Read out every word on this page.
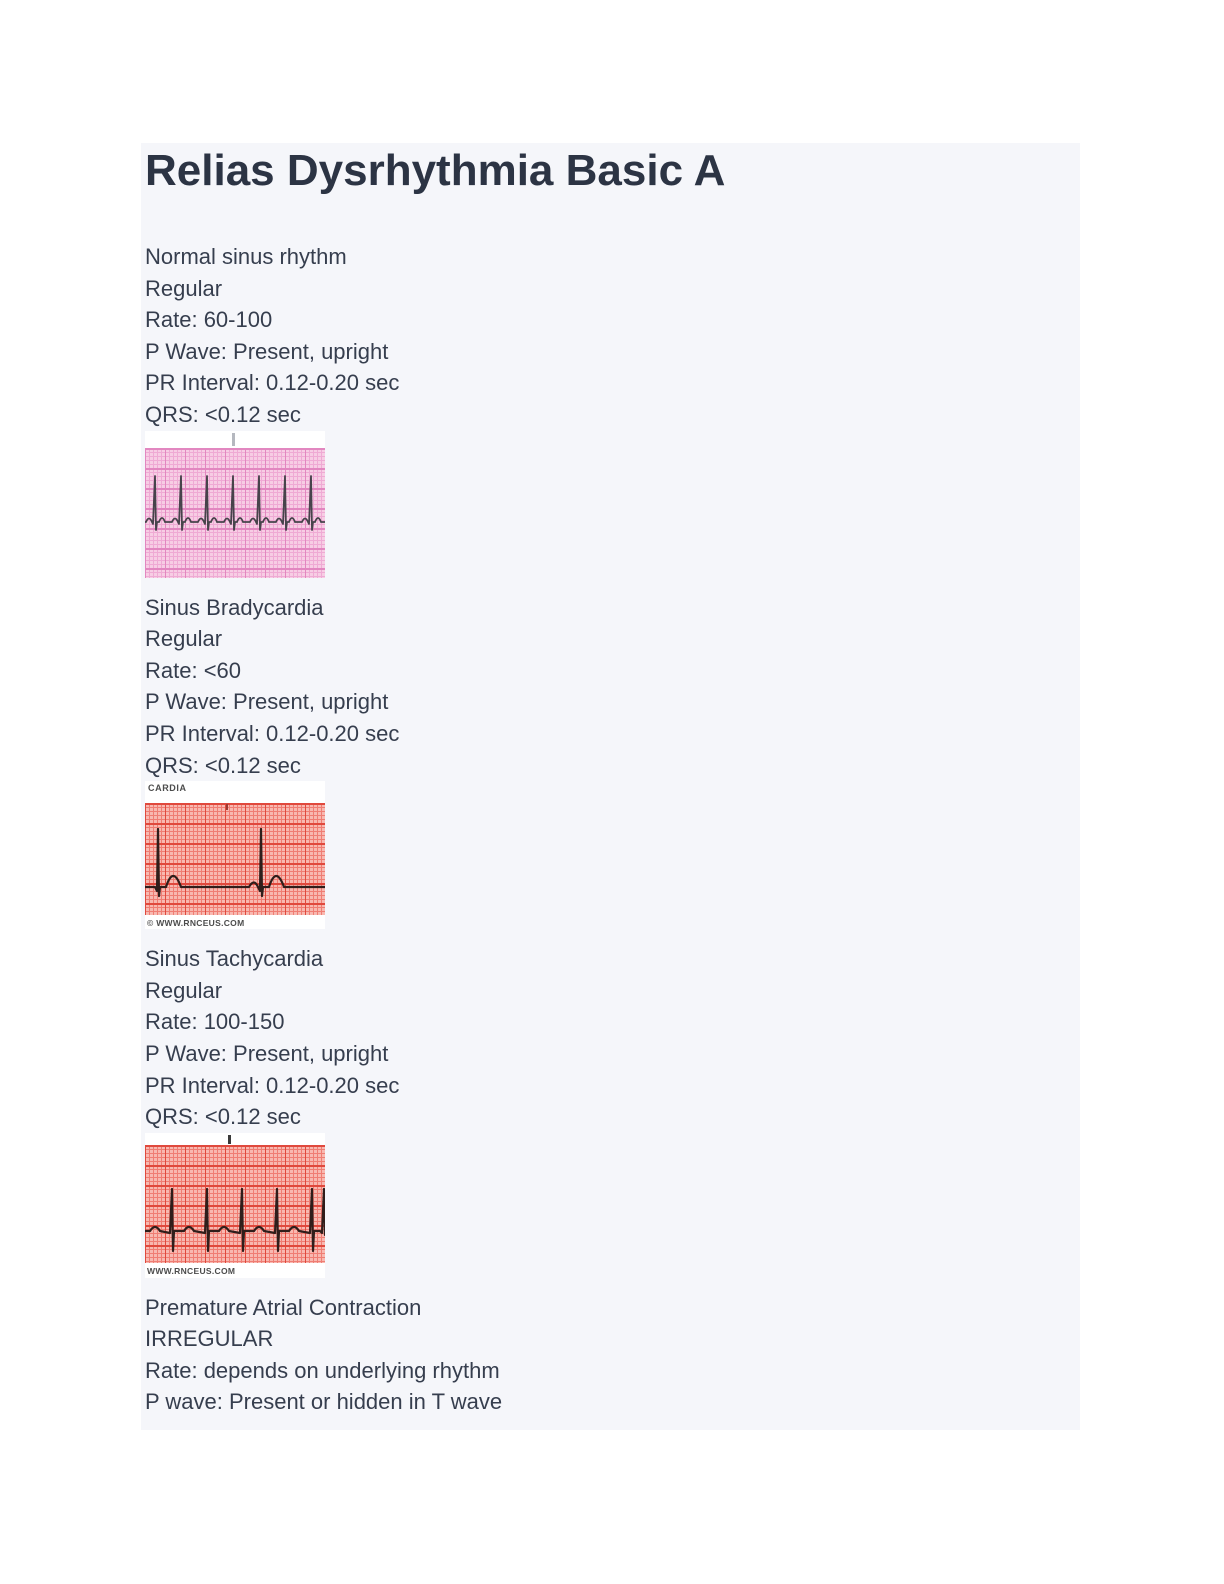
Relias Dysrhythmia Basic A

Normal sinus rhythm

Regular

Rate: 60-100

P Wave: Present, upright

PR Interval: 0.12-0.20 sec

QRS: <0.12 sec

Sinus Bradycardia

Regular

Rate: <60

P Wave: Present, upright

PR Interval: 0.12-0.20 sec

QRS: <0.12 sec

CARDIA
© WWW.RNCEUS.COM

Sinus Tachycardia

Regular

Rate: 100-150

P Wave: Present, upright

PR Interval: 0.12-0.20 sec

QRS: <0.12 sec

WWW.RNCEUS.COM

Premature Atrial Contraction

IRREGULAR

Rate: depends on underlying rhythm

P wave: Present or hidden in T wave
